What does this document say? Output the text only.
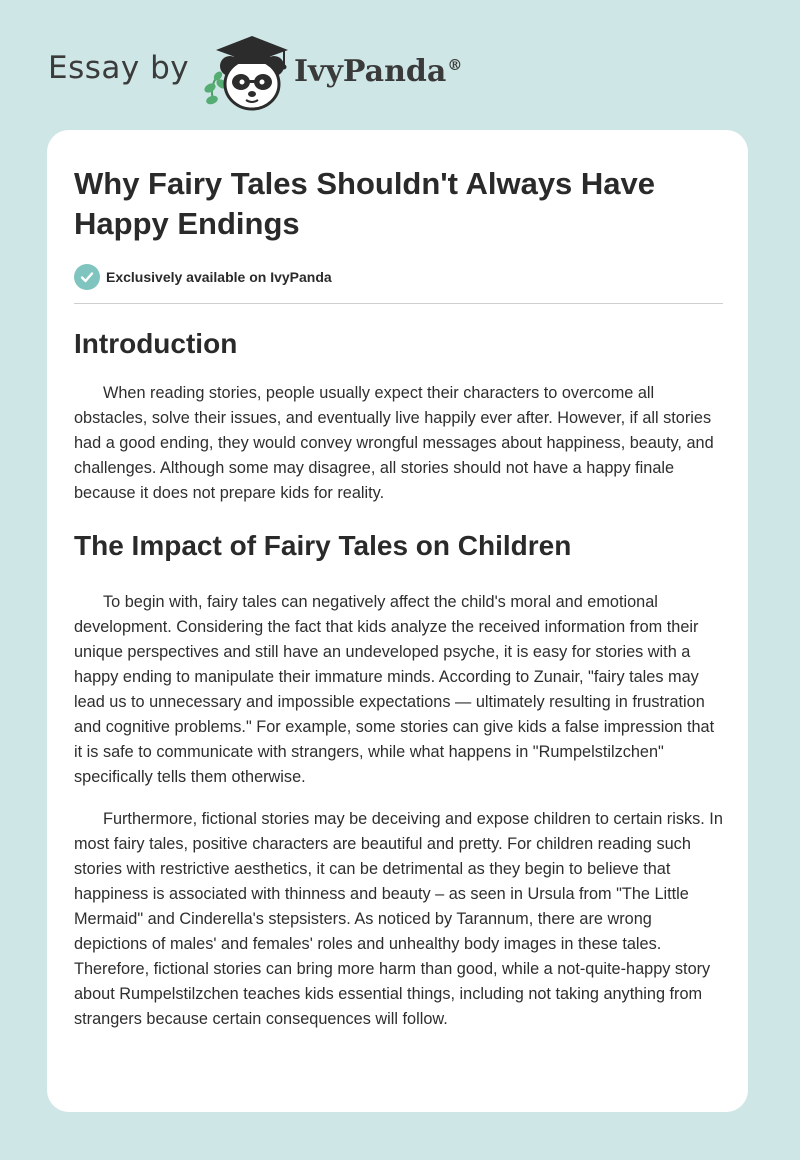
Essay by	IvyPanda®
Why Fairy Tales Shouldn't Always Have Happy Endings
Exclusively available on IvyPanda
Introduction

When reading stories, people usually expect their characters to overcome all obstacles, solve their issues, and eventually live happily ever after. However, if all stories had a good ending, they would convey wrongful messages about happiness, beauty, and challenges. Although some may disagree, all stories should not have a happy finale because it does not prepare kids for reality.

The Impact of Fairy Tales on Children

To begin with, fairy tales can negatively affect the child's moral and emotional development. Considering the fact that kids analyze the received information from their unique perspectives and still have an undeveloped psyche, it is easy for stories with a happy ending to manipulate their immature minds. According to Zunair, "fairy tales may lead us to unnecessary and impossible expectations — ultimately resulting in frustration and cognitive problems." For example, some stories can give kids a false impression that it is safe to communicate with strangers, while what happens in "Rumpelstilzchen" specifically tells them otherwise.

Furthermore, fictional stories may be deceiving and expose children to certain risks. In most fairy tales, positive characters are beautiful and pretty. For children reading such stories with restrictive aesthetics, it can be detrimental as they begin to believe that happiness is associated with thinness and beauty – as seen in Ursula from "The Little Mermaid" and Cinderella's stepsisters. As noticed by Tarannum, there are wrong depictions of males' and females' roles and unhealthy body images in these tales. Therefore, fictional stories can bring more harm than good, while a not-quite-happy story about Rumpelstilzchen teaches kids essential things, including not taking anything from strangers because certain consequences will follow.
